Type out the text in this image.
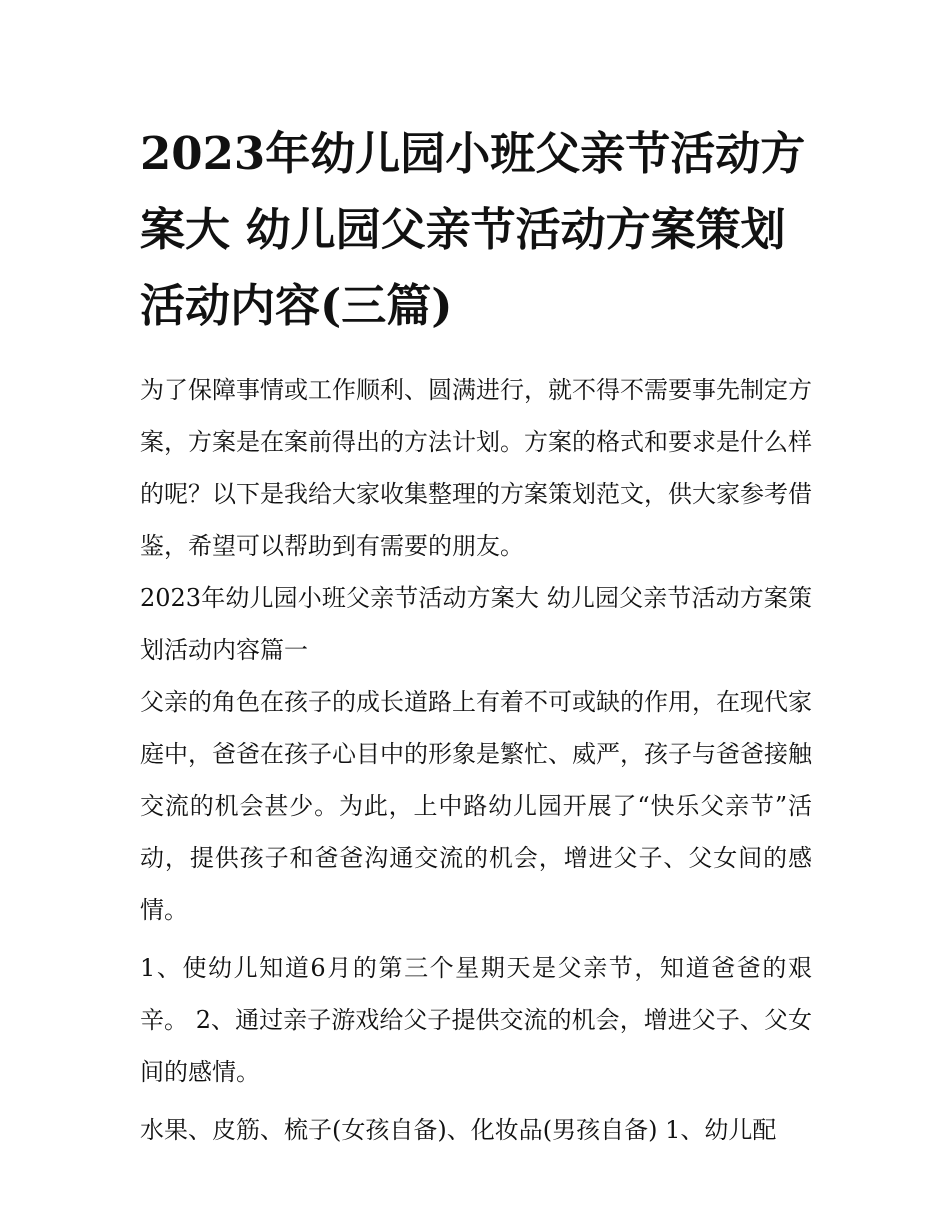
2023年幼儿园小班父亲节活动方案大 幼儿园父亲节活动方案策划活动内容(三篇)

为了保障事情或工作顺利、圆满进行，就不得不需要事先制定方案，方案是在案前得出的方法计划。方案的格式和要求是什么样的呢？以下是我给大家收集整理的方案策划范文，供大家参考借鉴，希望可以帮助到有需要的朋友。

2023年幼儿园小班父亲节活动方案大 幼儿园父亲节活动方案策划活动内容篇一

父亲的角色在孩子的成长道路上有着不可或缺的作用，在现代家庭中，爸爸在孩子心目中的形象是繁忙、威严，孩子与爸爸接触交流的机会甚少。为此，上中路幼儿园开展了“快乐父亲节”活动，提供孩子和爸爸沟通交流的机会，增进父子、父女间的感情。

1、使幼儿知道6月的第三个星期天是父亲节，知道爸爸的艰辛。 2、通过亲子游戏给父子提供交流的机会，增进父子、父女间的感情。

水果、皮筋、梳子(女孩自备)、化妆品(男孩自备) 1、幼儿配
